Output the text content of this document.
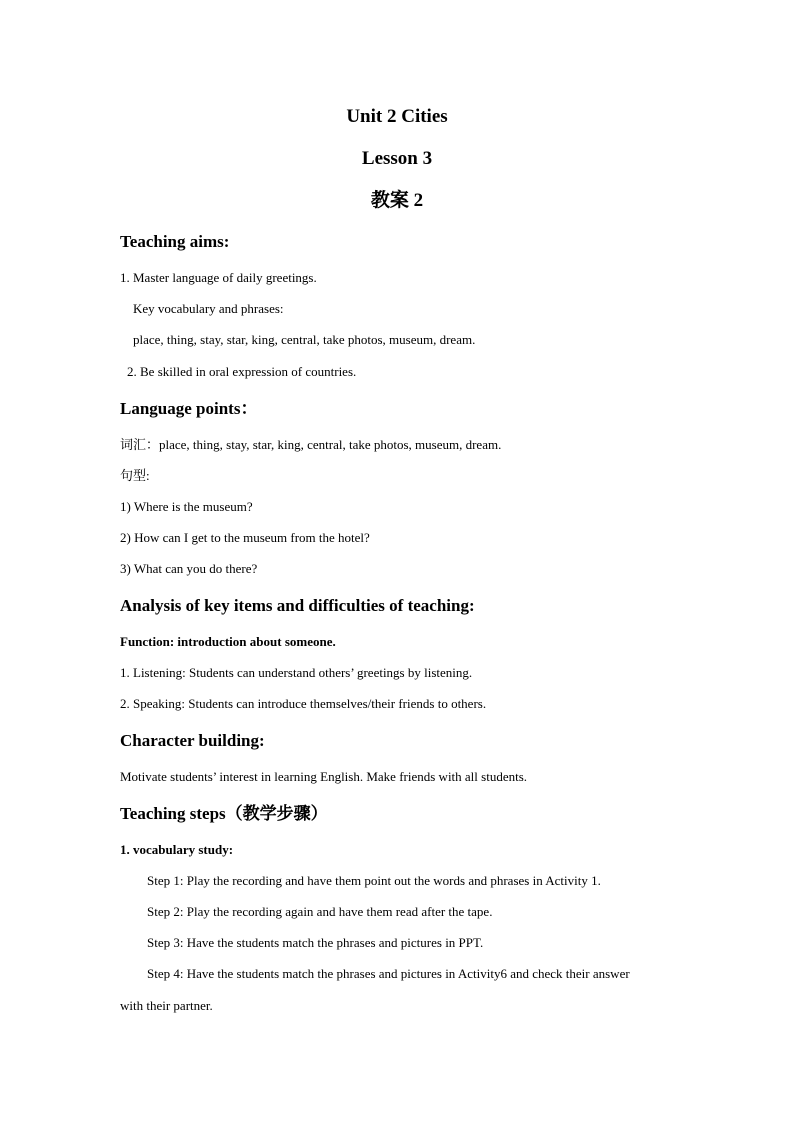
Unit 2 Cities
Lesson 3
教案 2
Teaching aims:
1. Master language of daily greetings.
Key vocabulary and phrases:
place, thing, stay, star, king, central, take photos, museum, dream.
2. Be skilled in oral expression of countries.
Language points：
词汇：place, thing, stay, star, king, central, take photos, museum, dream.
句型:
1) Where is the museum?
2) How can I get to the museum from the hotel?
3) What can you do there?
Analysis of key items and difficulties of teaching:
Function: introduction about someone.
1. Listening: Students can understand others’ greetings by listening.
2. Speaking: Students can introduce themselves/their friends to others.
Character building:
Motivate students’ interest in learning English. Make friends with all students.
Teaching steps（教学步骤）
1. vocabulary study:
Step 1: Play the recording and have them point out the words and phrases in Activity 1.
Step 2: Play the recording again and have them read after the tape.
Step 3: Have the students match the phrases and pictures in PPT.
Step 4: Have the students match the phrases and pictures in Activity6 and check their answer
with their partner.
